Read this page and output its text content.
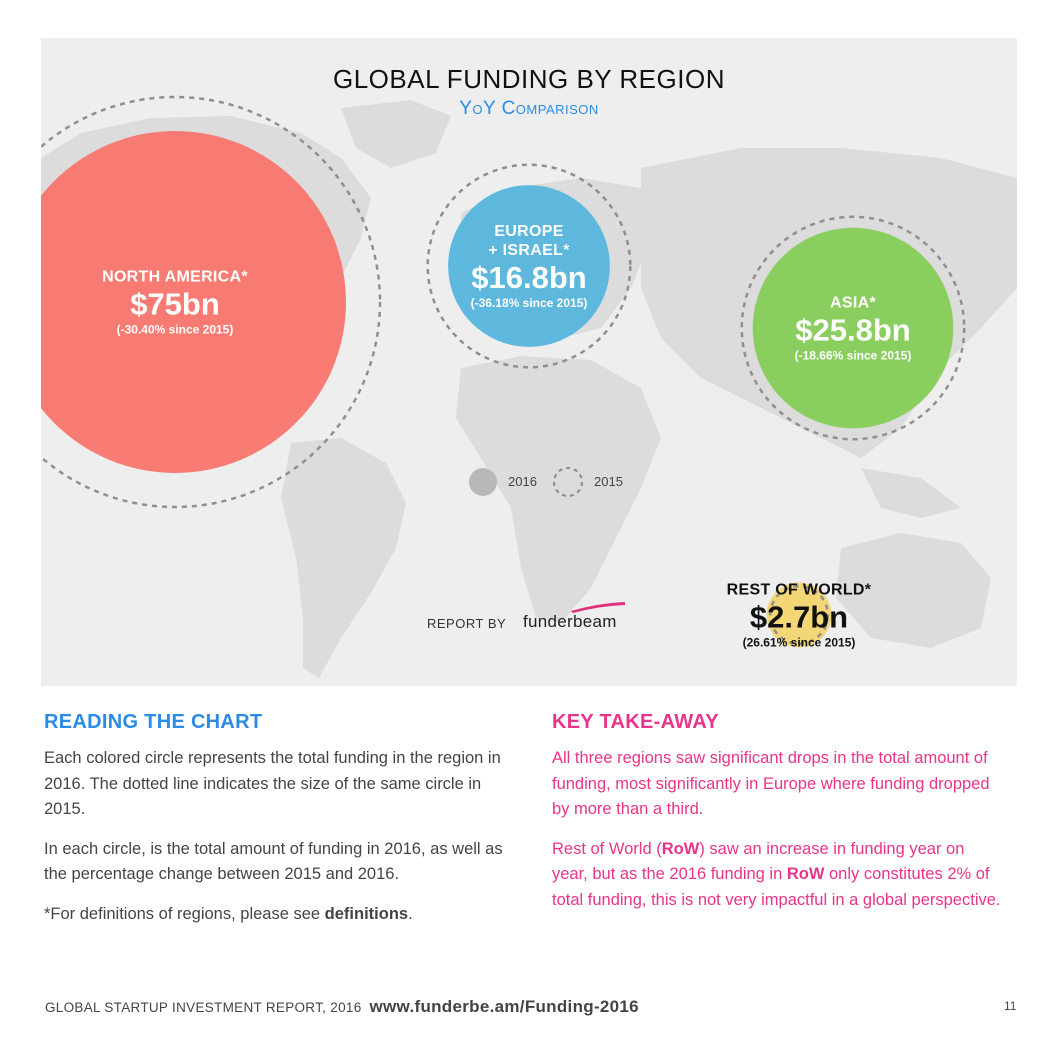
GLOBAL FUNDING BY REGION
YoY Comparison
NORTH AMERICA*
$75bn
(-30.40% since 2015)
EUROPE
+ ISRAEL*
$16.8bn
(-36.18% since 2015)	ASIA*
$25.8bn
(-18.66% since 2015)
REST OF WORLD*
$2.7bn
(26.61% since 2015)
2016	2015
REPORT BY funderbeam
READING THE CHART

Each colored circle represents the total funding in the region in 2016. The dotted line indicates the size of the same circle in 2015.

In each circle, is the total amount of funding in 2016, as well as the percentage change between 2015 and 2016.

*For definitions of regions, please see definitions.

KEY TAKE-AWAY

All three regions saw significant drops in the total amount of funding, most significantly in Europe where funding dropped by more than a third.

Rest of World (RoW) saw an increase in funding year on year, but as the 2016 funding in RoW only constitutes 2% of total funding, this is not very impactful in a global perspective.

GLOBAL STARTUP INVESTMENT REPORT, 2016 www.funderbe.am/Funding-2016	11
